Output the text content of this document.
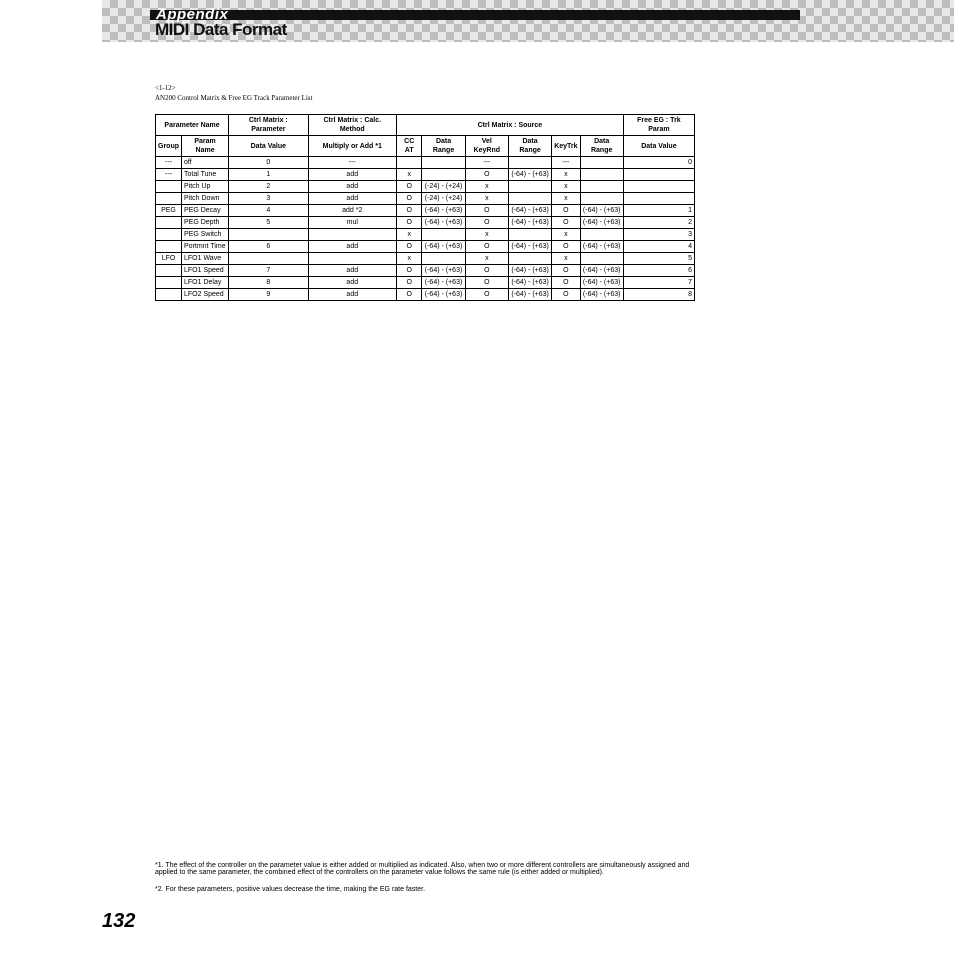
Appendix
MIDI Data Format
<1-12>
AN200 Control Matrix & Free EG Track Parameter List
Parameter Name		Ctrl Matrix : Parameter	Ctrl Matrix : Calc. Method	Ctrl Matrix : Source						Free EG : Trk Param
Group	Param Name	Data Value	Multiply or Add *1	CC AT	Data Range	Vel KeyRnd	Data Range	KeyTrk	Data Range	Data Value
---	off	0	---			---		---		0
---	Total Tune	1	add	x		O	(-64) - (+63)	x		
	Pitch Up	2	add	O	(-24) - (+24)	x		x		
	Pitch Down	3	add	O	(-24) - (+24)	x		x		
PEG	PEG Decay	4	add *2	O	(-64) - (+63)	O	(-64) - (+63)	O	(-64) - (+63)	1
	PEG Depth	5	mul	O	(-64) - (+63)	O	(-64) - (+63)	O	(-64) - (+63)	2
	PEG Switch			x		x		x		3
	Portmnt Time	6	add	O	(-64) - (+63)	O	(-64) - (+63)	O	(-64) - (+63)	4
LFO	LFO1 Wave			x		x		x		5
	LFO1 Speed	7	add	O	(-64) - (+63)	O	(-64) - (+63)	O	(-64) - (+63)	6
	LFO1 Delay	8	add	O	(-64) - (+63)	O	(-64) - (+63)	O	(-64) - (+63)	7
	LFO2 Speed	9	add	O	(-64) - (+63)	O	(-64) - (+63)	O	(-64) - (+63)	8
*1. The effect of the controller on the parameter value is either added or multiplied as indicated. Also, when two or more different controllers are simultaneously assigned and applied to the same parameter, the combined effect of the controllers on the parameter value follows the same rule (is either added or multiplied).
*2. For these parameters, positive values decrease the time, making the EG rate faster.
132
